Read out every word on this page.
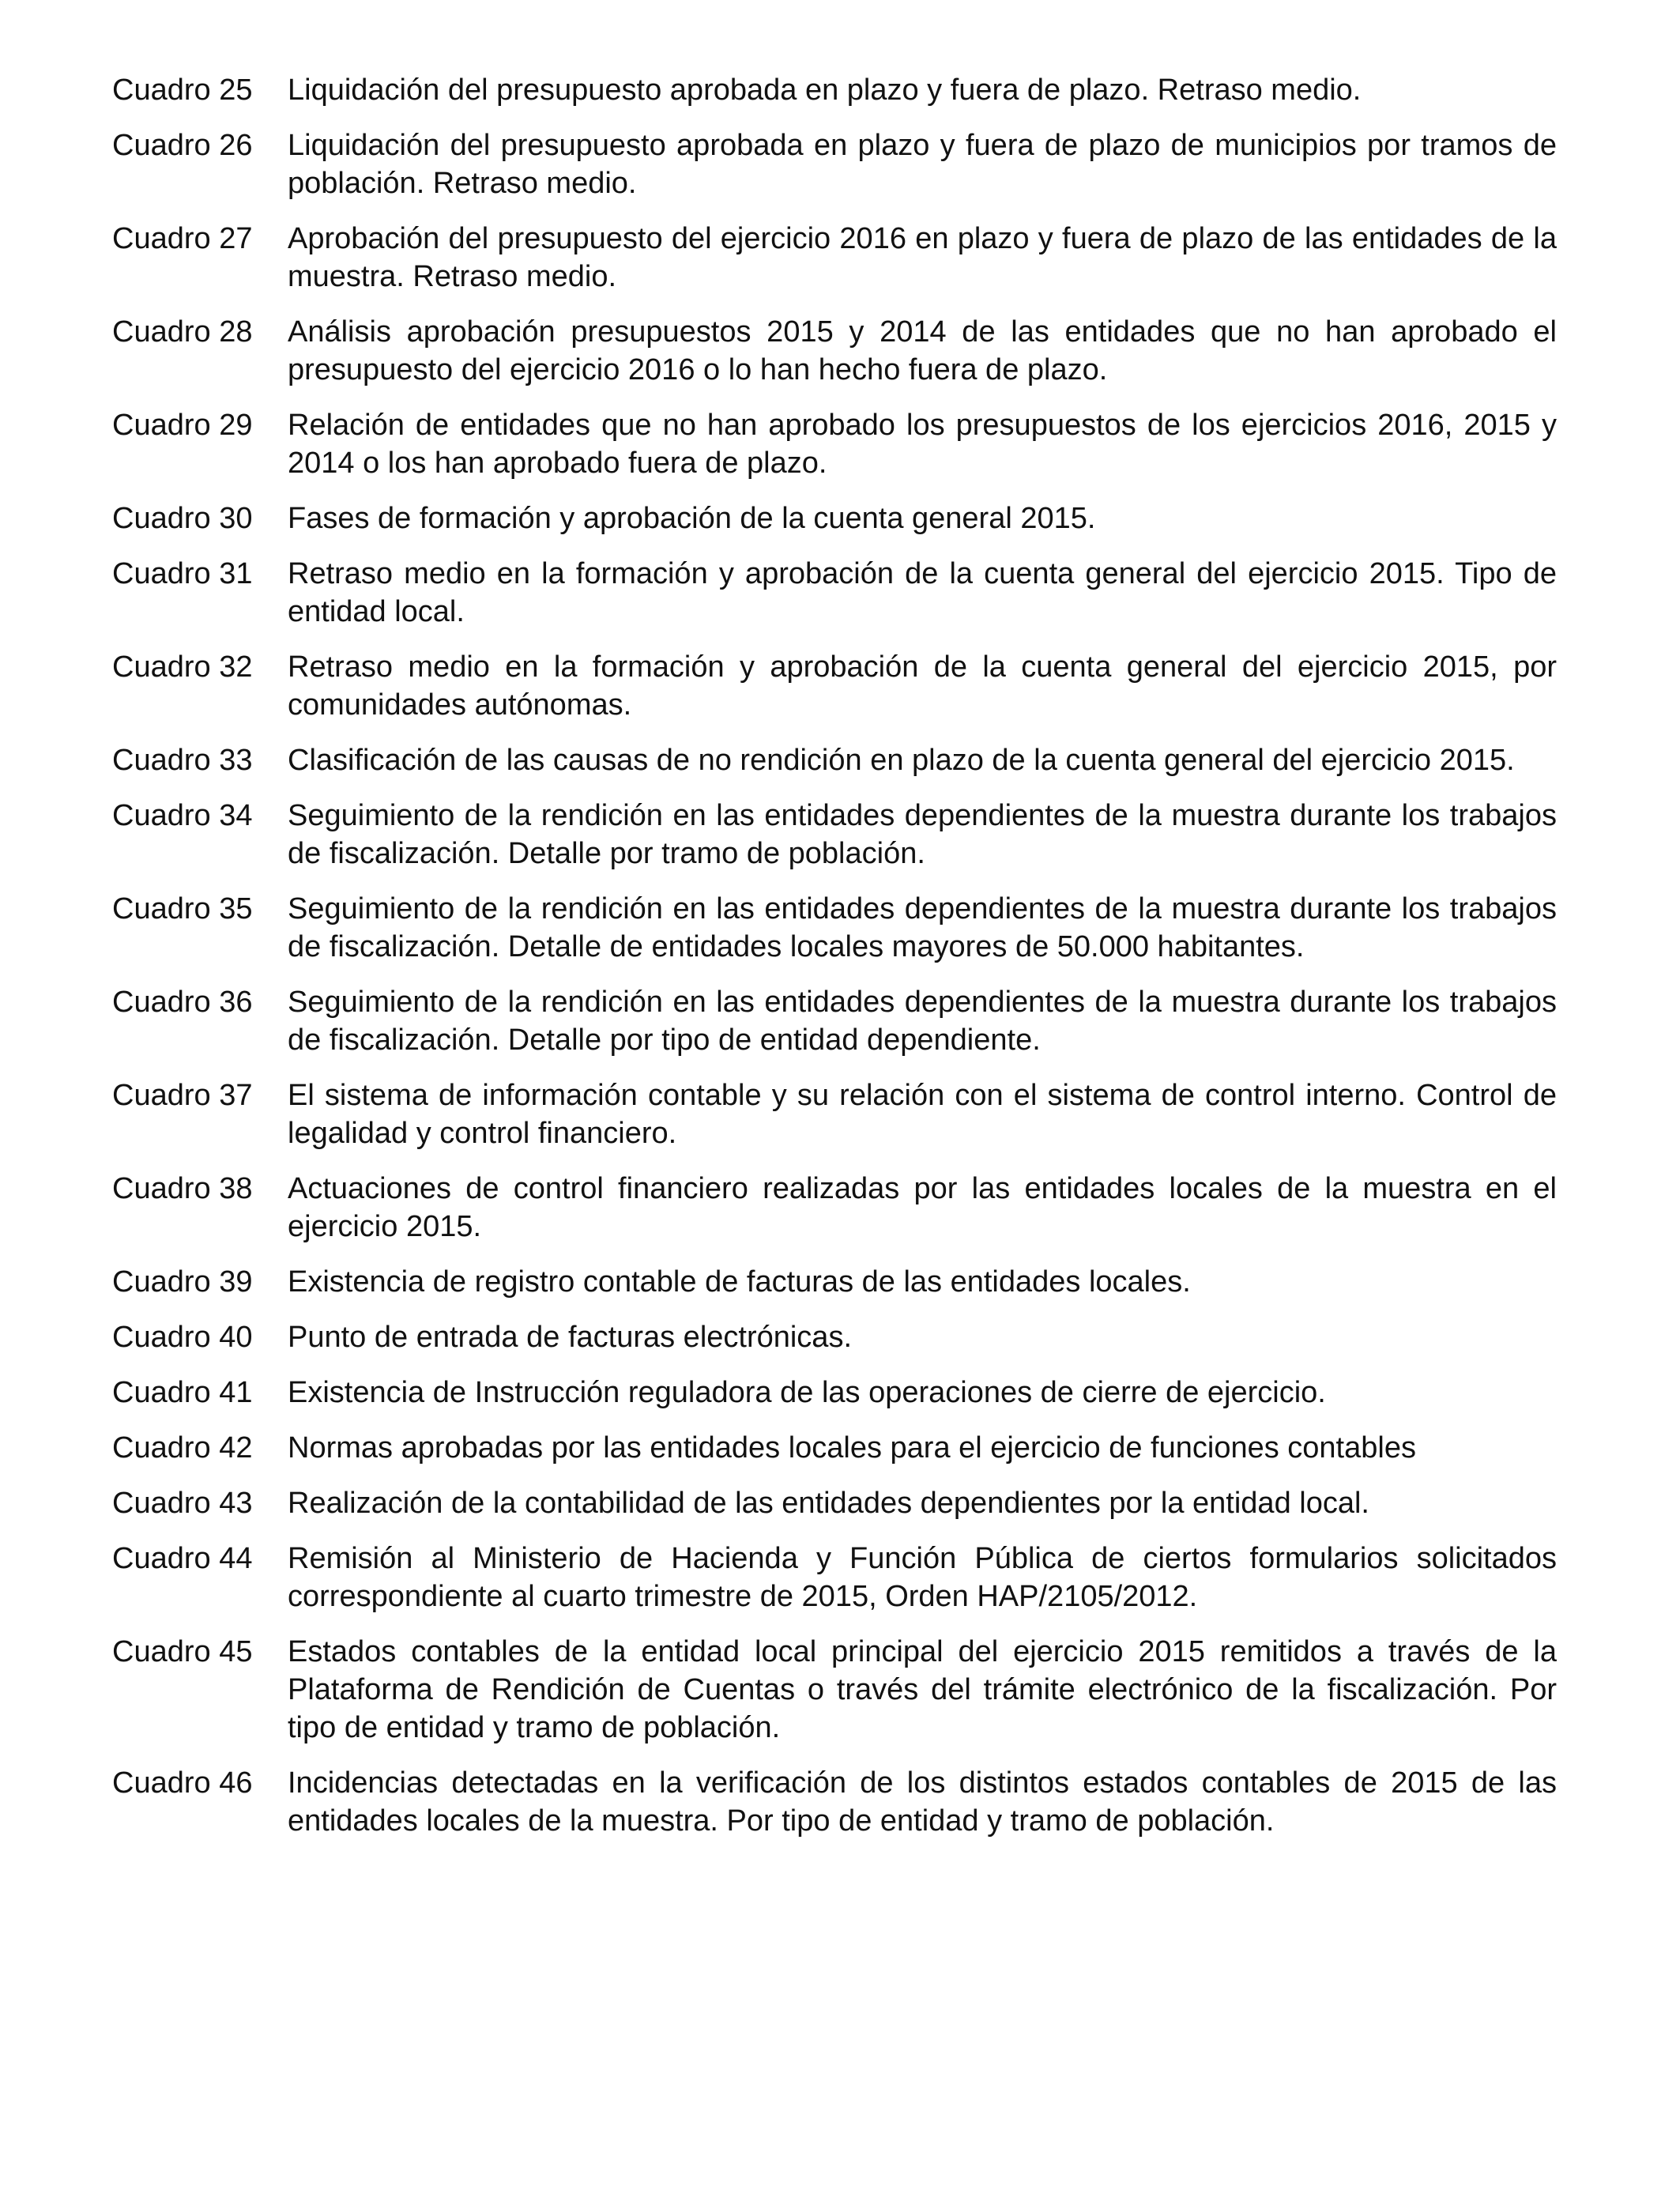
Cuadro 25	Liquidación del presupuesto aprobada en plazo y fuera de plazo. Retraso medio.
Cuadro 26	Liquidación del presupuesto aprobada en plazo y fuera de plazo de municipios por tramos de población. Retraso medio.
Cuadro 27	Aprobación del presupuesto del ejercicio 2016 en plazo y fuera de plazo de las entidades de la muestra. Retraso medio.
Cuadro 28	Análisis aprobación presupuestos 2015 y 2014 de las entidades que no han aprobado el presupuesto del ejercicio 2016 o lo han hecho fuera de plazo.
Cuadro 29	Relación de entidades que no han aprobado los presupuestos de los ejercicios 2016, 2015 y 2014 o los han aprobado fuera de plazo.
Cuadro 30	Fases de formación y aprobación de la cuenta general 2015.
Cuadro 31	Retraso medio en la formación y aprobación de la cuenta general del ejercicio 2015. Tipo de entidad local.
Cuadro 32	Retraso medio en la formación y aprobación de la cuenta general del ejercicio 2015, por comunidades autónomas.
Cuadro 33	Clasificación de las causas de no rendición en plazo de la cuenta general del ejercicio 2015.
Cuadro 34	Seguimiento de la rendición en las entidades dependientes de la muestra durante los trabajos de fiscalización. Detalle por tramo de población.
Cuadro 35	Seguimiento de la rendición en las entidades dependientes de la muestra durante los trabajos de fiscalización. Detalle de entidades locales mayores de 50.000 habitantes.
Cuadro 36	Seguimiento de la rendición en las entidades dependientes de la muestra durante los trabajos de fiscalización. Detalle por tipo de entidad dependiente.
Cuadro 37	El sistema de información contable y su relación con el sistema de control interno. Control de legalidad y control financiero.
Cuadro 38	Actuaciones de control financiero realizadas por las entidades locales de la muestra en el ejercicio 2015.
Cuadro 39	Existencia de registro contable de facturas de las entidades locales.
Cuadro 40	Punto de entrada de facturas electrónicas.
Cuadro 41	Existencia de Instrucción reguladora de las operaciones de cierre de ejercicio.
Cuadro 42	Normas aprobadas por las entidades locales para el ejercicio de funciones contables
Cuadro 43	Realización de la contabilidad de las entidades dependientes por la entidad local.
Cuadro 44	Remisión al Ministerio de Hacienda y Función Pública de ciertos formularios solicitados correspondiente al cuarto trimestre de 2015, Orden HAP/2105/2012.
Cuadro 45	Estados contables de la entidad local principal del ejercicio 2015 remitidos a través de la Plataforma de Rendición de Cuentas o través del trámite electrónico de la fiscalización. Por tipo de entidad y tramo de población.
Cuadro 46	Incidencias detectadas en la verificación de los distintos estados contables de 2015 de las entidades locales de la muestra. Por tipo de entidad y tramo de población.
